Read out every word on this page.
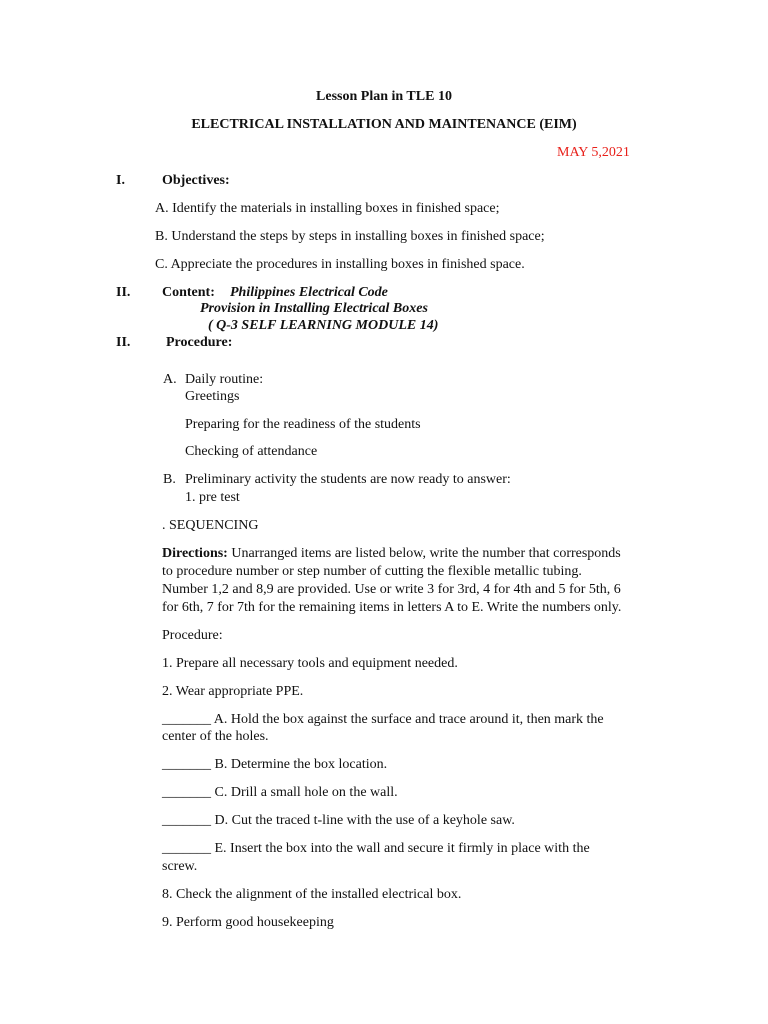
Lesson Plan in TLE 10
ELECTRICAL INSTALLATION AND MAINTENANCE (EIM)
MAY 5,2021
I.	Objectives:
A. Identify the materials in installing boxes in finished space;
B. Understand the steps by steps in installing boxes in finished space;
C. Appreciate the procedures in installing boxes in finished space.
II. Content: Philippines Electrical Code
Provision in Installing Electrical Boxes
( Q-3 SELF LEARNING MODULE 14)
II.	Procedure:
A. Daily routine:
Greetings
Preparing for the readiness of the students
Checking of attendance
B. Preliminary activity the students are now ready to answer:
1. pre test
. SEQUENCING
Directions: Unarranged items are listed below, write the number that corresponds
to procedure number or step number of cutting the flexible metallic tubing.
Number 1,2 and 8,9 are provided. Use or write 3 for 3rd, 4 for 4th and 5 for 5th, 6
for 6th, 7 for 7th for the remaining items in letters A to E. Write the numbers only.
Procedure:
1. Prepare all necessary tools and equipment needed.
2. Wear appropriate PPE.
_______ A. Hold the box against the surface and trace around it, then mark the
center of the holes.
_______ B. Determine the box location.
_______ C. Drill a small hole on the wall.
_______ D. Cut the traced t-line with the use of a keyhole saw.
_______ E. Insert the box into the wall and secure it firmly in place with the
screw.
8. Check the alignment of the installed electrical box.
9. Perform good housekeeping
